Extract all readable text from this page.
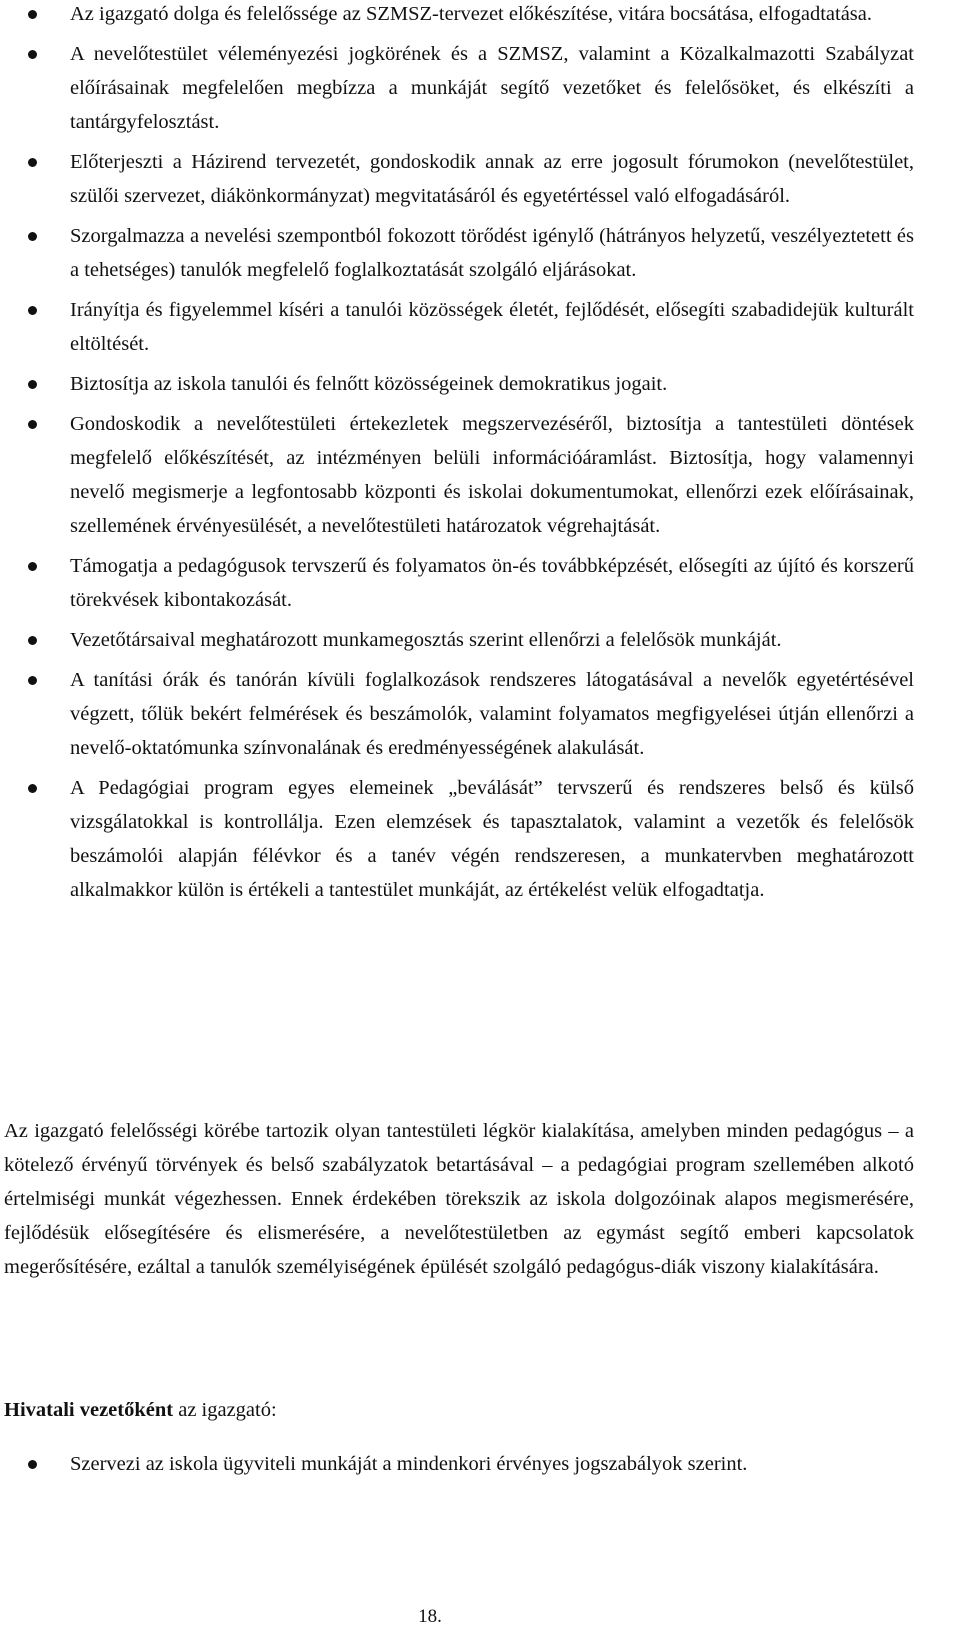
Az igazgató dolga és felelőssége az SZMSZ-tervezet előkészítése, vitára bocsátása, elfogadtatása.
A nevelőtestület véleményezési jogkörének és a SZMSZ, valamint a Közalkalmazotti Szabályzat előírásainak megfelelően megbízza a munkáját segítő vezetőket és felelősöket, és elkészíti a tantárgyfelosztást.
Előterjeszti a Házirend tervezetét, gondoskodik annak az erre jogosult fórumokon (nevelőtestület, szülői szervezet, diákönkormányzat) megvitatásáról és egyetértéssel való elfogadásáról.
Szorgalmazza a nevelési szempontból fokozott törődést igénylő (hátrányos helyzetű, veszélyeztetett és a tehetséges) tanulók megfelelő foglalkoztatását szolgáló eljárásokat.
Irányítja és figyelemmel kíséri a tanulói közösségek életét, fejlődését, elősegíti szabadidejük kulturált eltöltését.
Biztosítja az iskola tanulói és felnőtt közösségeinek demokratikus jogait.
Gondoskodik a nevelőtestületi értekezletek megszervezéséről, biztosítja a tantestületi döntések megfelelő előkészítését, az intézményen belüli információáramlást. Biztosítja, hogy valamennyi nevelő megismerje a legfontosabb központi és iskolai dokumentumokat, ellenőrzi ezek előírásainak, szellemének érvényesülését, a nevelőtestületi határozatok végrehajtását.
Támogatja a pedagógusok tervszerű és folyamatos ön-és továbbképzését, elősegíti az újító és korszerű törekvések kibontakozását.
Vezetőtársaival meghatározott munkamegosztás szerint ellenőrzi a felelősök munkáját.
A tanítási órák és tanórán kívüli foglalkozások rendszeres látogatásával a nevelők egyetértésével végzett, tőlük bekért felmérések és beszámolók, valamint folyamatos megfigyelései útján ellenőrzi a nevelő-oktatómunka színvonalának és eredményességének alakulását.
A Pedagógiai program egyes elemeinek „beválását” tervszerű és rendszeres belső és külső vizsgálatokkal is kontrollálja. Ezen elemzések és tapasztalatok, valamint a vezetők és felelősök beszámolói alapján félévkor és a tanév végén rendszeresen, a munkatervben meghatározott alkalmakkor külön is értékeli a tantestület munkáját, az értékelést velük elfogadtatja.

Az igazgató felelősségi körébe tartozik olyan tantestületi légkör kialakítása, amelyben minden pedagógus – a kötelező érvényű törvények és belső szabályzatok betartásával – a pedagógiai program szellemében alkotó értelmiségi munkát végezhessen. Ennek érdekében törekszik az iskola dolgozóinak alapos megismerésére, fejlődésük elősegítésére és elismerésére, a nevelőtestületben az egymást segítő emberi kapcsolatok megerősítésére, ezáltal a tanulók személyiségének épülését szolgáló pedagógus-diák viszony kialakítására.

Hivatali vezetőként az igazgató:

Szervezi az iskola ügyviteli munkáját a mindenkori érvényes jogszabályok szerint.
18.
